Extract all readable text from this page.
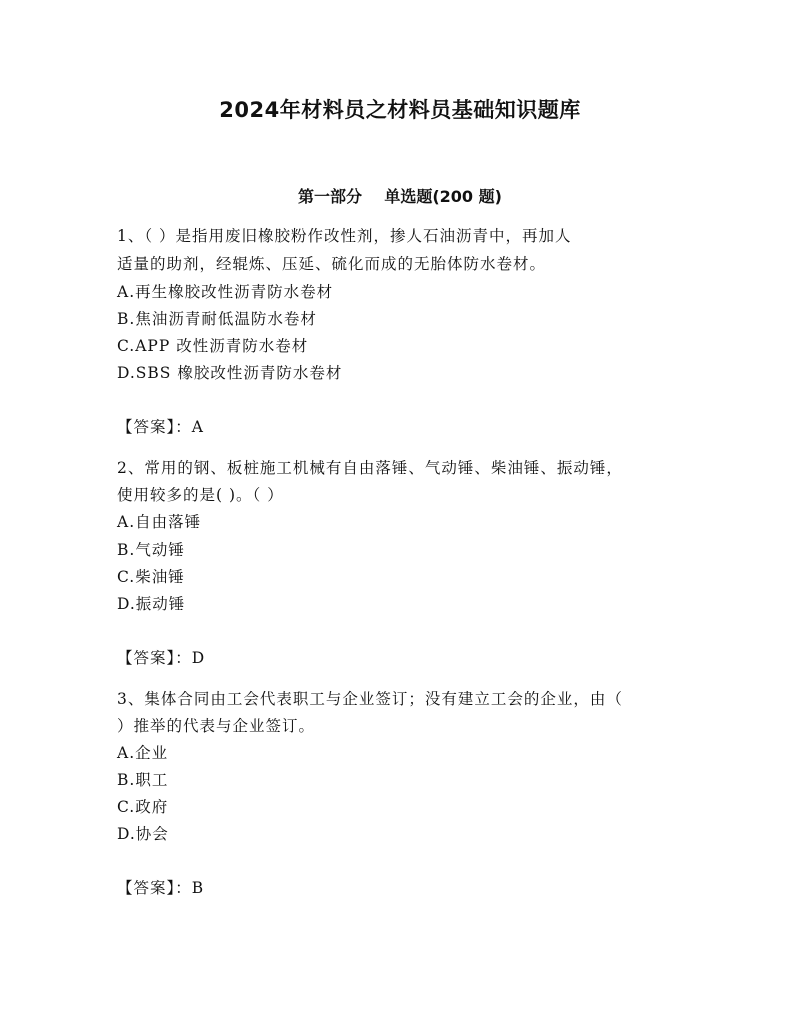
2024年材料员之材料员基础知识题库
第一部分    单选题(200 题)
1、（ ）是指用废旧橡胶粉作改性剂，掺人石油沥青中，再加人
适量的助剂，经辊炼、压延、硫化而成的无胎体防水卷材。
A.再生橡胶改性沥青防水卷材
B.焦油沥青耐低温防水卷材
C.APP 改性沥青防水卷材
D.SBS 橡胶改性沥青防水卷材
【答案】：A
2、常用的钢、板桩施工机械有自由落锤、气动锤、柴油锤、振动锤，
使用较多的是( )。（ ）
A.自由落锤
B.气动锤
C.柴油锤
D.振动锤
【答案】：D
3、集体合同由工会代表职工与企业签订；没有建立工会的企业，由（
）推举的代表与企业签订。
A.企业
B.职工
C.政府
D.协会
【答案】：B
